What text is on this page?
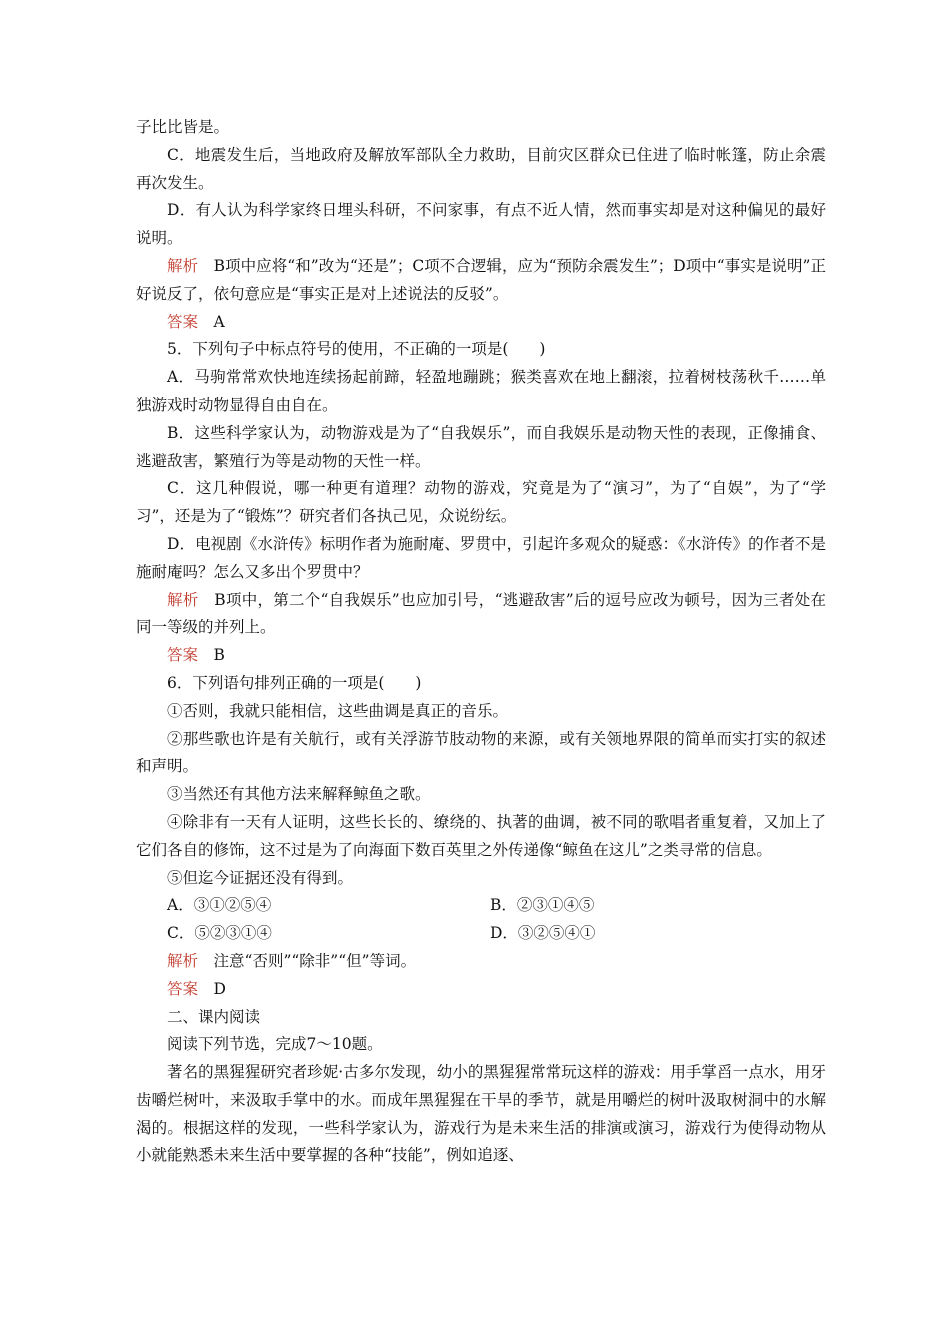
子比比皆是。

C．地震发生后，当地政府及解放军部队全力救助，目前灾区群众已住进了临时帐篷，防止余震再次发生。

D．有人认为科学家终日埋头科研，不问家事，有点不近人情，然而事实却是对这种偏见的最好说明。

解析　 B项中应将“和”改为“还是”；C项不合逻辑，应为“预防余震发生”；D项中“事实是说明”正好说反了，依句意应是“事实正是对上述说法的反驳”。

答案　 A

5．下列句子中标点符号的使用，不正确的一项是(　　)

A．马驹常常欢快地连续扬起前蹄，轻盈地蹦跳；猴类喜欢在地上翻滚，拉着树枝荡秋千……单独游戏时动物显得自由自在。

B．这些科学家认为，动物游戏是为了“自我娱乐”，而自我娱乐是动物天性的表现，正像捕食、逃避敌害，繁殖行为等是动物的天性一样。

C．这几种假说，哪一种更有道理？动物的游戏，究竟是为了“演习”，为了“自娱”，为了“学习”，还是为了“锻炼”？研究者们各执己见，众说纷纭。

D．电视剧《水浒传》标明作者为施耐庵、罗贯中，引起许多观众的疑惑：《水浒传》的作者不是施耐庵吗？怎么又多出个罗贯中？

解析　 B项中，第二个“自我娱乐”也应加引号，“逃避敌害”后的逗号应改为顿号，因为三者处在同一等级的并列上。

答案　 B

6．下列语句排列正确的一项是(　　)

①否则，我就只能相信，这些曲调是真正的音乐。

②那些歌也许是有关航行，或有关浮游节肢动物的来源，或有关领地界限的简单而实打实的叙述和声明。

③当然还有其他方法来解释鲸鱼之歌。

④除非有一天有人证明，这些长长的、缭绕的、执著的曲调，被不同的歌唱者重复着，又加上了它们各自的修饰，这不过是为了向海面下数百英里之外传递像“鲸鱼在这儿”之类寻常的信息。

⑤但迄今证据还没有得到。

A．③①②⑤④	B．②③①④⑤
C．⑤②③①④	D．③②⑤④①

解析　 注意“否则”“除非”“但”等词。

答案　 D

二、课内阅读

阅读下列节选，完成7～10题。

著名的黑猩猩研究者珍妮·古多尔发现，幼小的黑猩猩常常玩这样的游戏：用手掌舀一点水，用牙齿嚼烂树叶，来汲取手掌中的水。而成年黑猩猩在干旱的季节，就是用嚼烂的树叶汲取树洞中的水解渴的。根据这样的发现，一些科学家认为，游戏行为是未来生活的排演或演习，游戏行为使得动物从小就能熟悉未来生活中要掌握的各种“技能”，例如追逐、
